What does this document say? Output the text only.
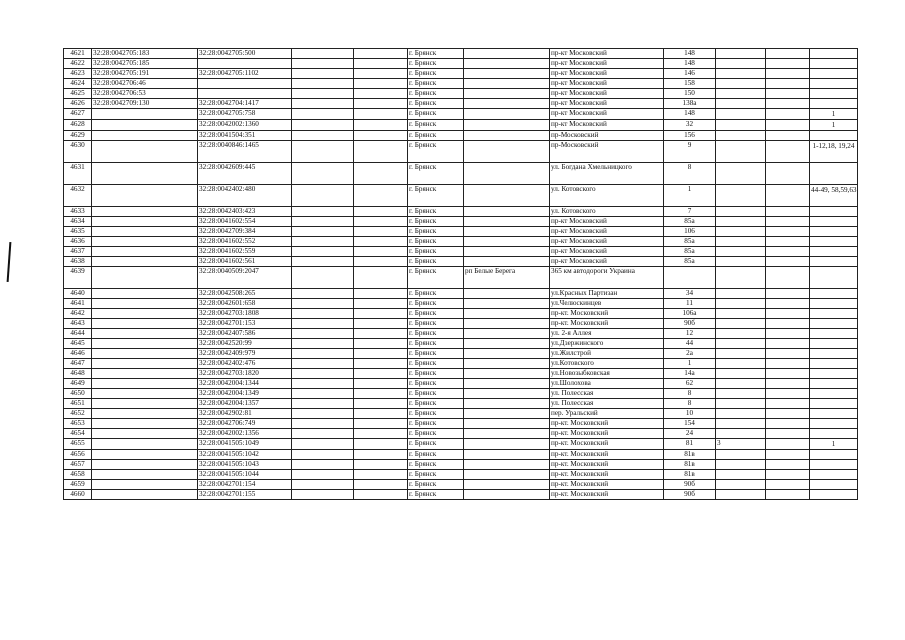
4621	32:28:0042705:183	32:28:0042705:500			г. Брянск		пр-кт Московский	148			
4622	32:28:0042705:185				г. Брянск		пр-кт Московский	148			
4623	32:28:0042705:191	32:28:0042705:1102			г. Брянск		пр-кт Московский	146			
4624	32:28:0042706:46				г. Брянск		пр-кт Московский	158			
4625	32:28:0042706:53				г. Брянск		пр-кт Московский	150			
4626	32:28:0042709:130	32:28:0042704:1417			г. Брянск		пр-кт Московский	138а			
4627		32:28:0042705:758			г. Брянск		пр-кт Московский	148			1
4628		32:28:0042002:1360			г. Брянск		пр-кт Московский	32			1
4629		32:28:0041504:351			г. Брянск		пр-Московский	156			
4630		32:28:0040846:1465			г. Брянск		пр-Московский	9			1-12,18, 19,24
4631		32:28:0042609:445			г. Брянск		ул. Богдана Хмельницкого	8			
4632		32:28:0042402:480			г. Брянск		ул. Котовского	1			44-49, 58,59,63
4633		32:28:0042403:423			г. Брянск		ул. Котовского	7			
4634		32:28:0041602:554			г. Брянск		пр-кт Московский	85а			
4635		32:28:0042709:384			г. Брянск		пр-кт Московский	106			
4636		32:28:0041602:552			г. Брянск		пр-кт Московский	85а			
4637		32:28:0041602:559			г. Брянск		пр-кт Московский	85а			
4638		32:28:0041602:561			г. Брянск		пр-кт Московский	85а			
4639		32:28:0040509:2047			г. Брянск	рп Белые Берега	365 км автодороги Украина				
4640		32:28:0042508:265			г. Брянск		ул.Красных Партизан	34			
4641		32:28:0042601:658			г. Брянск		ул.Челюскинцев	11			
4642		32:28:0042703:1808			г. Брянск		пр-кт. Московский	106а			
4643		32:28:0042701:153			г. Брянск		пр-кт. Московский	90б			
4644		32:28:0042407:586			г. Брянск		ул. 2-я Аллея	12			
4645		32:28:0042520:99			г. Брянск		ул.Дзержинского	44			
4646		32:28:0042409:979			г. Брянск		ул.Жилстрой	2а			
4647		32:28:0042402:476			г. Брянск		ул.Котовского	1			
4648		32:28:0042703:1820			г. Брянск		ул.Новозыбковская	14а			
4649		32:28:0042004:1344			г. Брянск		ул.Шолохова	62			
4650		32:28:0042004:1349			г. Брянск		ул. Полесская	8			
4651		32:28:0042004:1357			г. Брянск		ул. Полесская	8			
4652		32:28:0042902:81			г. Брянск		пер. Уральский	10			
4653		32:28:0042706:749			г. Брянск		пр-кт. Московский	154			
4654		32:28:0042002:1356			г. Брянск		пр-кт. Московский	24			
4655		32:28:0041505:1049			г. Брянск		пр-кт. Московский	81	3		1
4656		32:28:0041505:1042			г. Брянск		пр-кт. Московский	81в			
4657		32:28:0041505:1043			г. Брянск		пр-кт. Московский	81в			
4658		32:28:0041505:1044			г. Брянск		пр-кт. Московский	81в			
4659		32:28:0042701:154			г. Брянск		пр-кт. Московский	90б			
4660		32:28:0042701:155			г. Брянск		пр-кт. Московский	90б			
